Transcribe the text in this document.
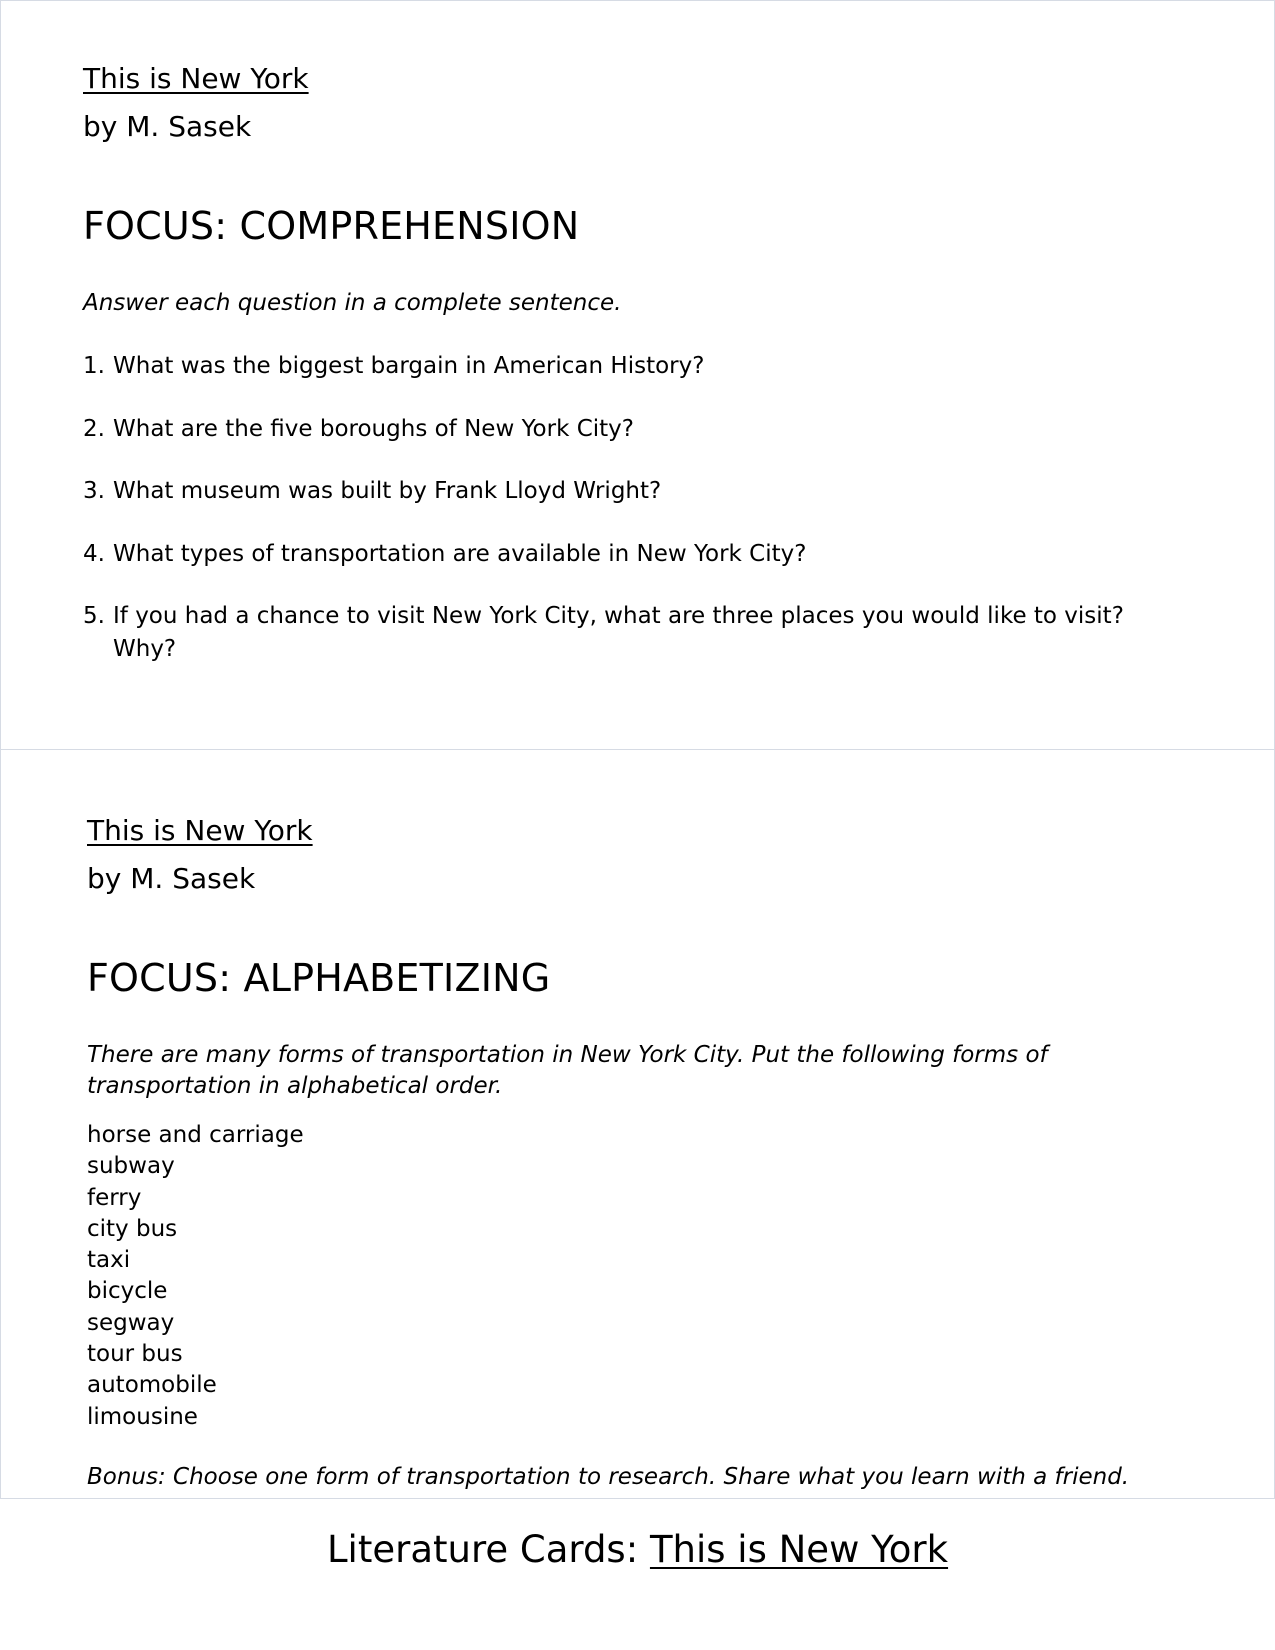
This is New York
by M. Sasek
FOCUS: COMPREHENSION
Answer each question in a complete sentence.
1. What was the biggest bargain in American History?
2. What are the five boroughs of New York City?
3. What museum was built by Frank Lloyd Wright?
4. What types of transportation are available in New York City?
5. If you had a chance to visit New York City, what are three places you would like to visit?
Why?
This is New York
by M. Sasek
FOCUS: ALPHABETIZING
There are many forms of transportation in New York City. Put the following forms of
transportation in alphabetical order.
horse and carriage
subway
ferry
city bus
taxi
bicycle
segway
tour bus
automobile
limousine
Bonus: Choose one form of transportation to research. Share what you learn with a friend.
Literature Cards: This is New York
